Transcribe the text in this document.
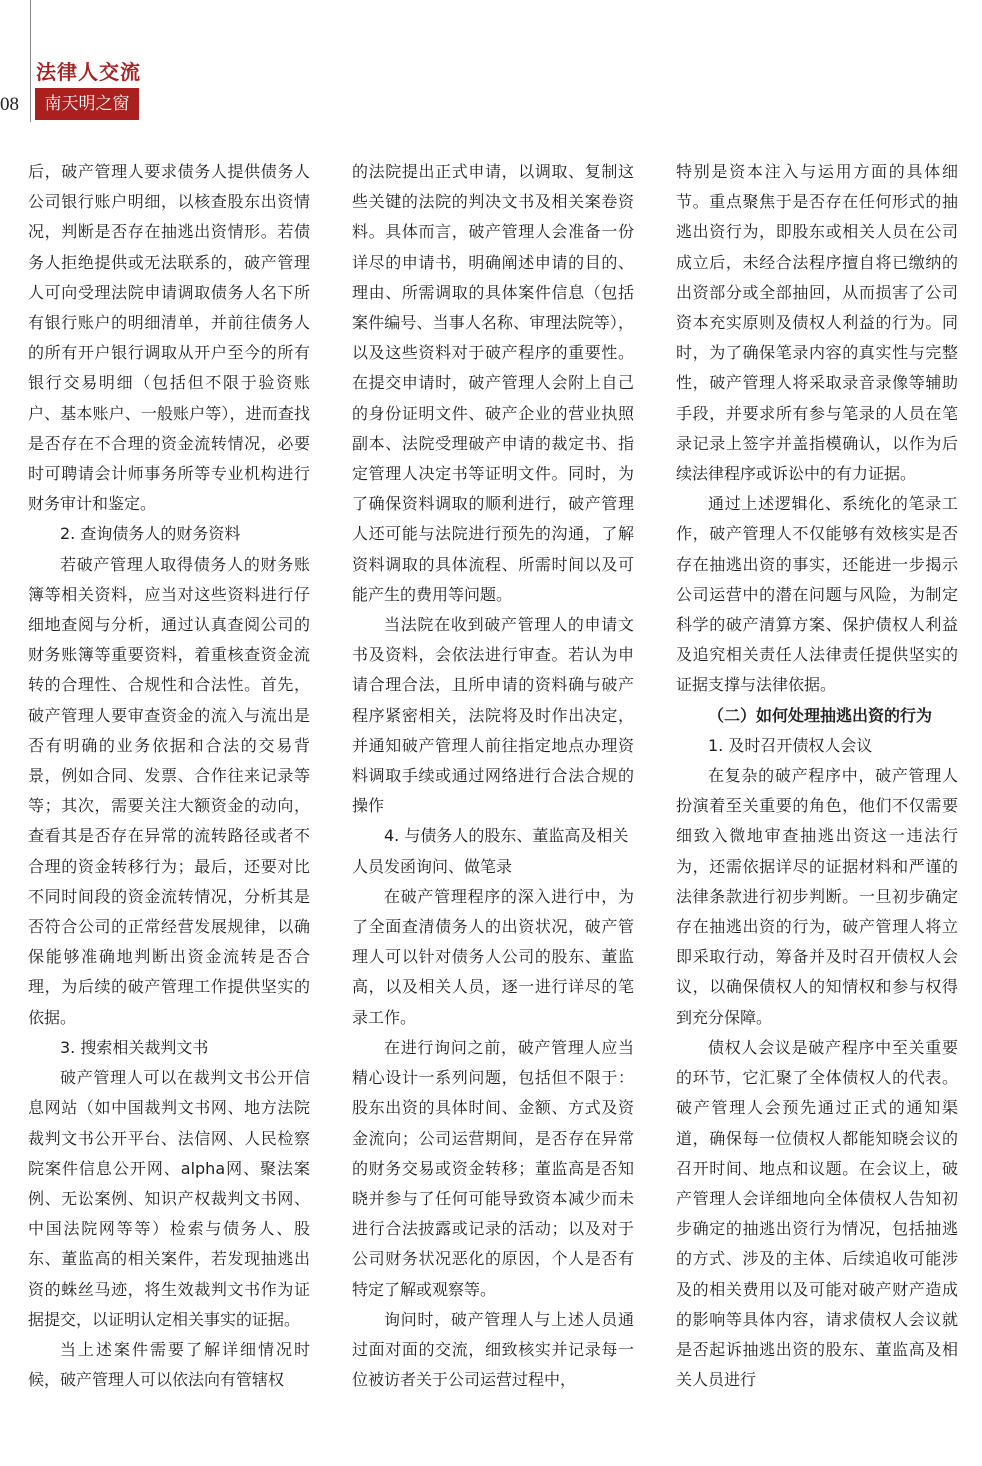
法律人交流
08	南天明之窗

后，破产管理人要求债务人提供债务人公司银行账户明细，以核查股东出资情况，判断是否存在抽逃出资情形。若债务人拒绝提供或无法联系的，破产管理人可向受理法院申请调取债务人名下所有银行账户的明细清单，并前往债务人的所有开户银行调取从开户至今的所有银行交易明细（包括但不限于验资账户、基本账户、一般账户等），进而查找是否存在不合理的资金流转情况，必要时可聘请会计师事务所等专业机构进行财务审计和鉴定。

2. 查询债务人的财务资料

若破产管理人取得债务人的财务账簿等相关资料，应当对这些资料进行仔细地查阅与分析，通过认真查阅公司的财务账簿等重要资料，着重核查资金流转的合理性、合规性和合法性。首先，破产管理人要审查资金的流入与流出是否有明确的业务依据和合法的交易背景，例如合同、发票、合作往来记录等等；其次，需要关注大额资金的动向，查看其是否存在异常的流转路径或者不合理的资金转移行为；最后，还要对比不同时间段的资金流转情况，分析其是否符合公司的正常经营发展规律，以确保能够准确地判断出资金流转是否合理，为后续的破产管理工作提供坚实的依据。

3. 搜索相关裁判文书

破产管理人可以在裁判文书公开信息网站（如中国裁判文书网、地方法院裁判文书公开平台、法信网、人民检察院案件信息公开网、alpha网、聚法案例、无讼案例、知识产权裁判文书网、中国法院网等等）检索与债务人、股东、董监高的相关案件，若发现抽逃出资的蛛丝马迹，将生效裁判文书作为证据提交，以证明认定相关事实的证据。

当上述案件需要了解详细情况时候，破产管理人可以依法向有管辖权

的法院提出正式申请，以调取、复制这些关键的法院的判决文书及相关案卷资料。具体而言，破产管理人会准备一份详尽的申请书，明确阐述申请的目的、理由、所需调取的具体案件信息（包括案件编号、当事人名称、审理法院等），以及这些资料对于破产程序的重要性。在提交申请时，破产管理人会附上自己的身份证明文件、破产企业的营业执照副本、法院受理破产申请的裁定书、指定管理人决定书等证明文件。同时，为了确保资料调取的顺利进行，破产管理人还可能与法院进行预先的沟通，了解资料调取的具体流程、所需时间以及可能产生的费用等问题。

当法院在收到破产管理人的申请文书及资料，会依法进行审查。若认为申请合理合法，且所申请的资料确与破产程序紧密相关，法院将及时作出决定，并通知破产管理人前往指定地点办理资料调取手续或通过网络进行合法合规的操作

4. 与债务人的股东、董监高及相关人员发函询问、做笔录

在破产管理程序的深入进行中，为了全面查清债务人的出资状况，破产管理人可以针对债务人公司的股东、董监高，以及相关人员，逐一进行详尽的笔录工作。

在进行询问之前，破产管理人应当精心设计一系列问题，包括但不限于：股东出资的具体时间、金额、方式及资金流向；公司运营期间，是否存在异常的财务交易或资金转移；董监高是否知晓并参与了任何可能导致资本减少而未进行合法披露或记录的活动；以及对于公司财务状况恶化的原因，个人是否有特定了解或观察等。

询问时，破产管理人与上述人员通过面对面的交流，细致核实并记录每一位被访者关于公司运营过程中，

特别是资本注入与运用方面的具体细节。重点聚焦于是否存在任何形式的抽逃出资行为，即股东或相关人员在公司成立后，未经合法程序擅自将已缴纳的出资部分或全部抽回，从而损害了公司资本充实原则及债权人利益的行为。同时，为了确保笔录内容的真实性与完整性，破产管理人将采取录音录像等辅助手段，并要求所有参与笔录的人员在笔录记录上签字并盖指模确认，以作为后续法律程序或诉讼中的有力证据。

通过上述逻辑化、系统化的笔录工作，破产管理人不仅能够有效核实是否存在抽逃出资的事实，还能进一步揭示公司运营中的潜在问题与风险，为制定科学的破产清算方案、保护债权人利益及追究相关责任人法律责任提供坚实的证据支撑与法律依据。

（二）如何处理抽逃出资的行为
1. 及时召开债权人会议

在复杂的破产程序中，破产管理人扮演着至关重要的角色，他们不仅需要细致入微地审查抽逃出资这一违法行为，还需依据详尽的证据材料和严谨的法律条款进行初步判断。一旦初步确定存在抽逃出资的行为，破产管理人将立即采取行动，筹备并及时召开债权人会议，以确保债权人的知情权和参与权得到充分保障。

债权人会议是破产程序中至关重要的环节，它汇聚了全体债权人的代表。破产管理人会预先通过正式的通知渠道，确保每一位债权人都能知晓会议的召开时间、地点和议题。在会议上，破产管理人会详细地向全体债权人告知初步确定的抽逃出资行为情况，包括抽逃的方式、涉及的主体、后续追收可能涉及的相关费用以及可能对破产财产造成的影响等具体内容，请求债权人会议就是否起诉抽逃出资的股东、董监高及相关人员进行
